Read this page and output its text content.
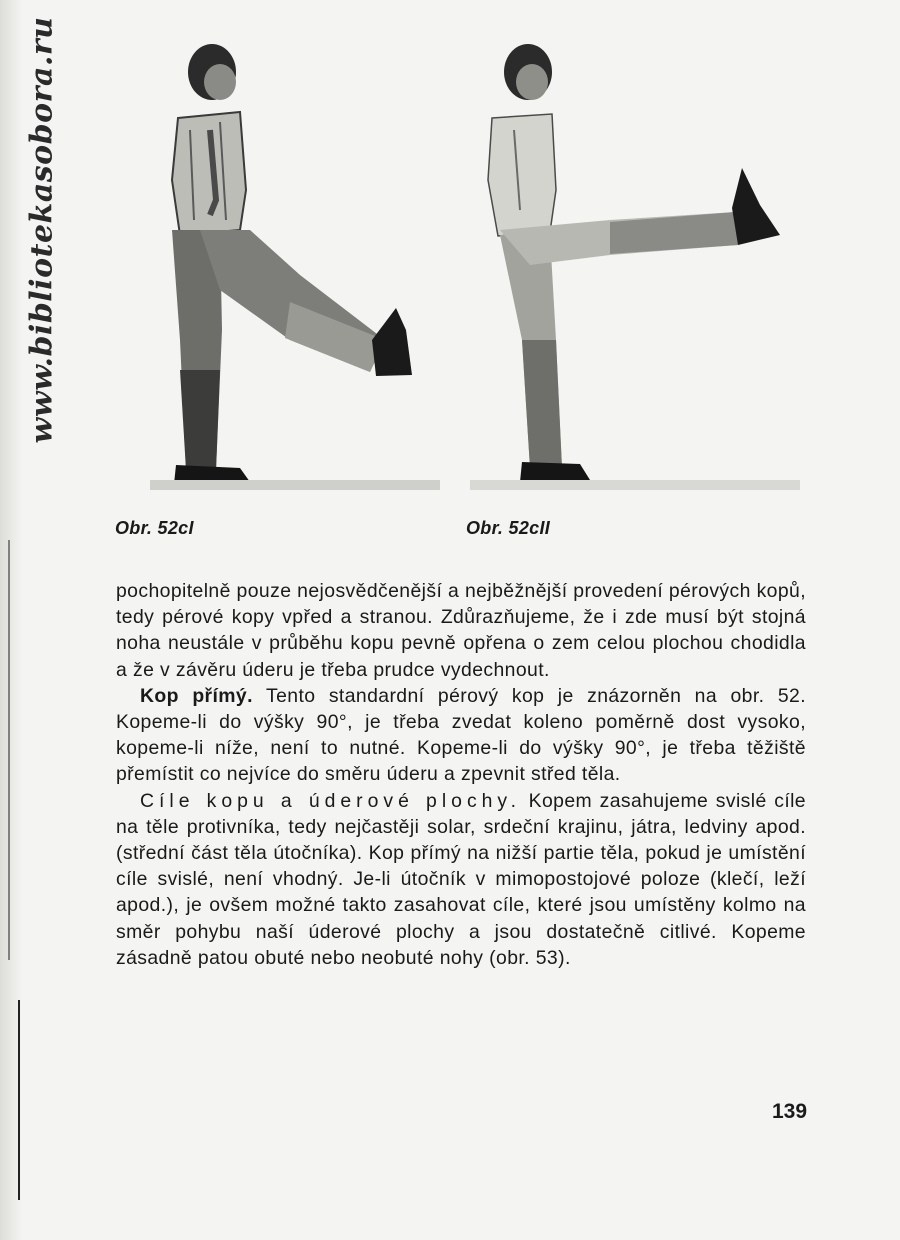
www.bibliotekasobora.ru
Obr. 52cI	Obr. 52cII

pochopitelně pouze nejosvědčenější a nejběžnější provedení pérových kopů, tedy pérové kopy vpřed a stranou. Zdůrazňujeme, že i zde musí být stojná noha neustále v průběhu kopu pevně opřena o zem celou plochou chodidla a že v závěru úderu je třeba prudce vydechnout.

Kop přímý. Tento standardní pérový kop je znázorněn na obr. 52. Kopeme-li do výšky 90°, je třeba zvedat koleno poměrně dost vysoko, kopeme-li níže, není to nutné. Kopeme-li do výšky 90°, je třeba těžiště přemístit co nejvíce do směru úderu a zpevnit střed těla.

Cíle kopu a úderové plochy. Kopem zasahujeme svislé cíle na těle protivníka, tedy nejčastěji solar, srdeční krajinu, játra, ledviny apod. (střední část těla útočníka). Kop přímý na nižší partie těla, pokud je umístění cíle svislé, není vhodný. Je-li útočník v mimopostojové poloze (klečí, leží apod.), je ovšem možné takto zasahovat cíle, které jsou umístěny kolmo na směr pohybu naší úderové plochy a jsou dostatečně citlivé. Kopeme zásadně patou obuté nebo neobuté nohy (obr. 53).

139
